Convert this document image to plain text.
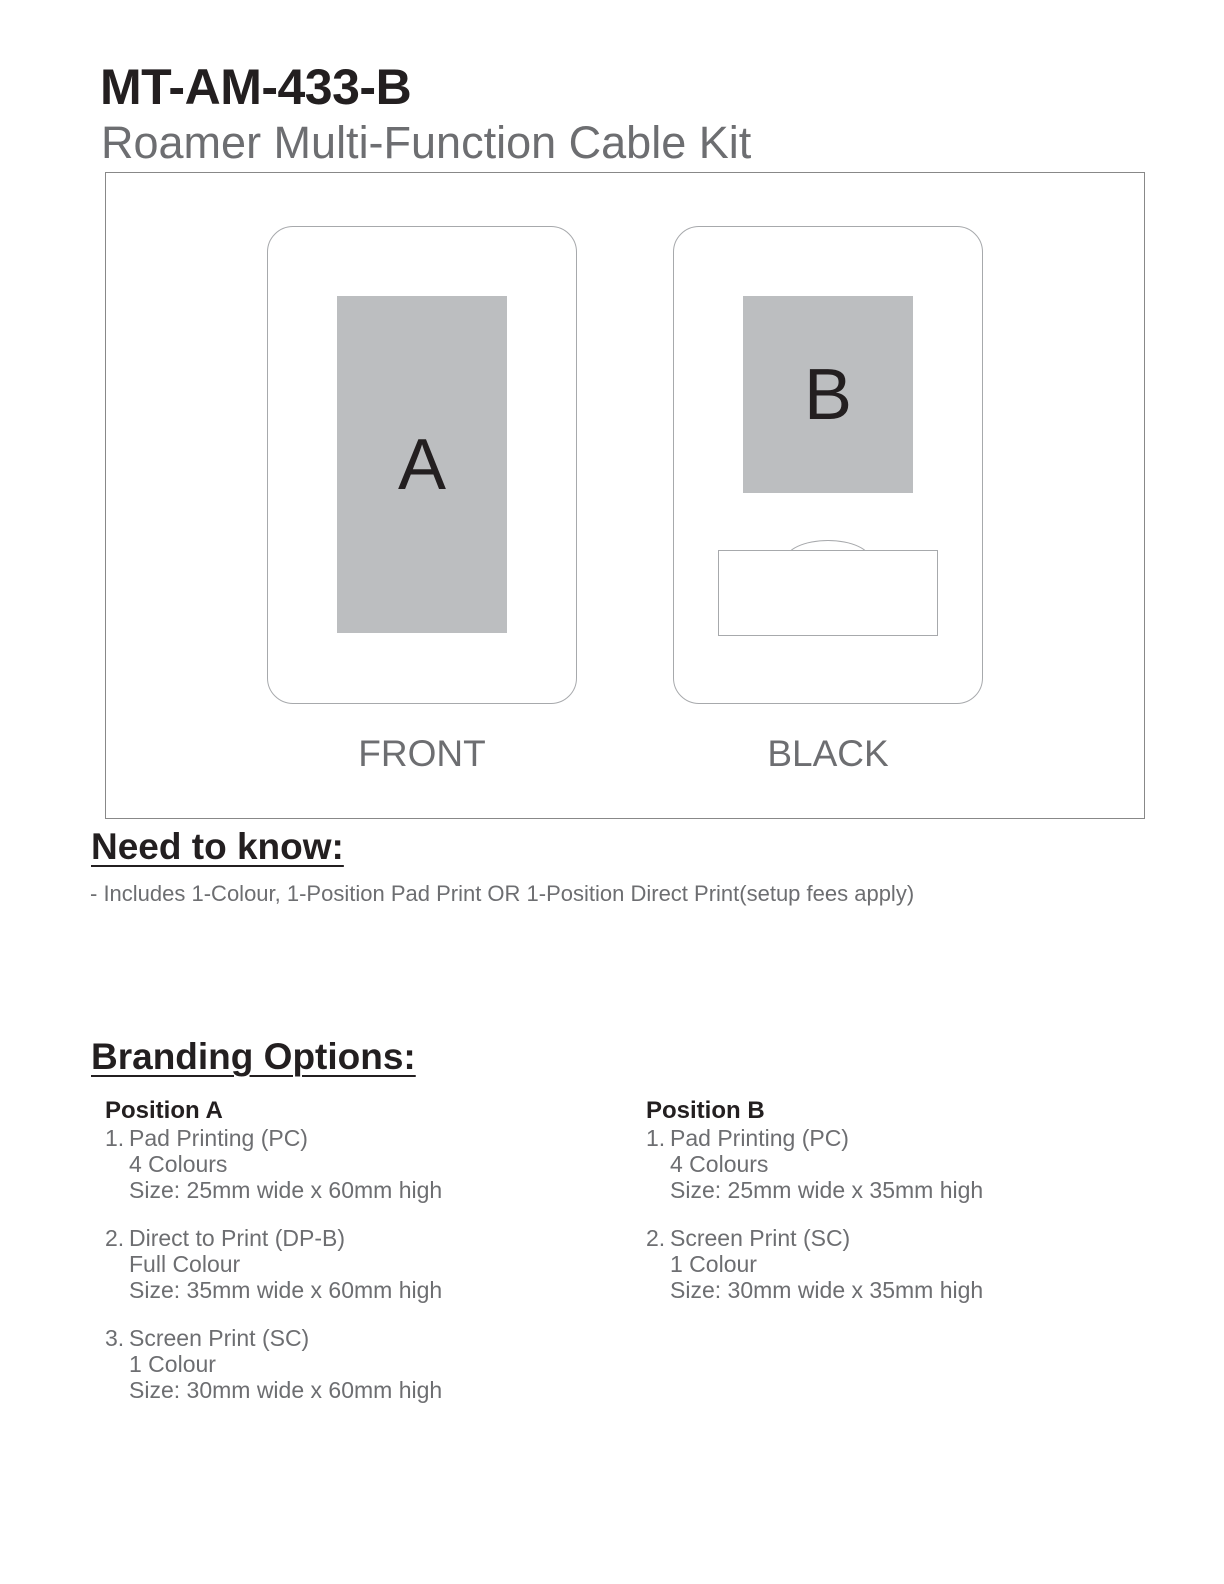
MT-AM-433-B
Roamer Multi-Function Cable Kit
A
B
FRONT	BLACK
Need to know:
- Includes 1-Colour, 1-Position Pad Print OR 1-Position Direct Print(setup fees apply)
Branding Options:
Position A
1. Pad Printing (PC)
4 Colours
Size: 25mm wide x 60mm high
2. Direct to Print (DP-B)
Full Colour
Size: 35mm wide x 60mm high
3. Screen Print (SC)
1 Colour
Size: 30mm wide x 60mm high
Position B
1. Pad Printing (PC)
4 Colours
Size: 25mm wide x 35mm high
2. Screen Print (SC)
1 Colour
Size: 30mm wide x 35mm high
